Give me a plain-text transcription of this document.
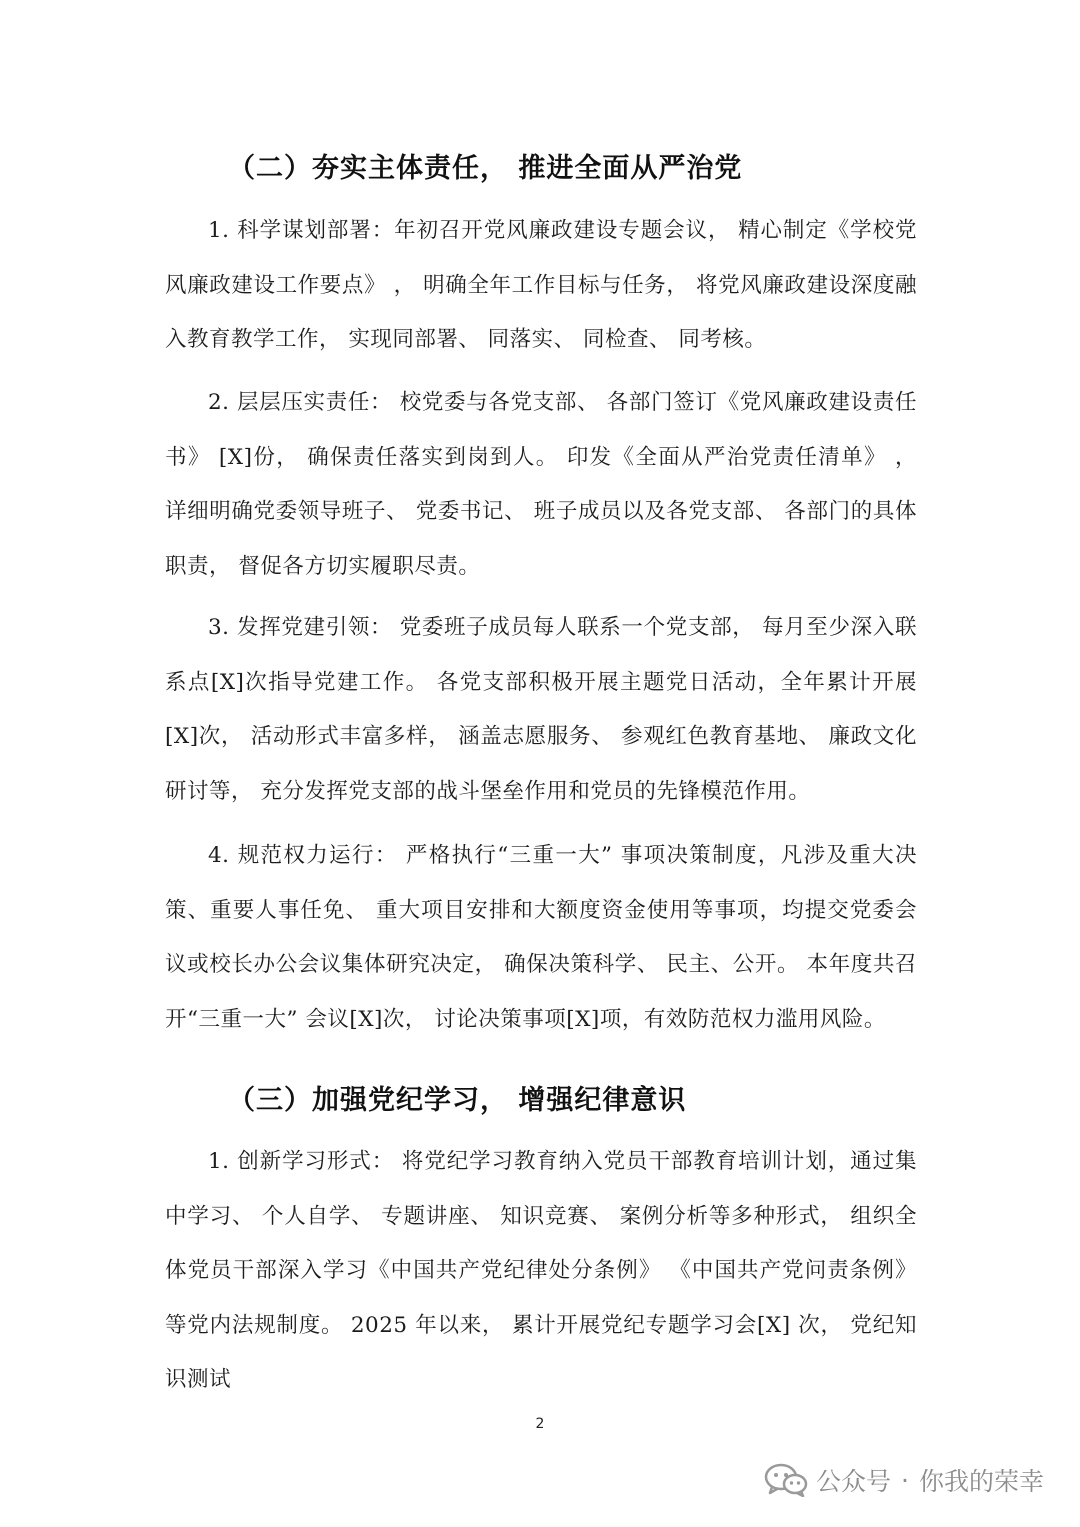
（二）夯实主体责任， 推进全面从严治党

1. 科学谋划部署：年初召开党风廉政建设专题会议， 精心制定《学校党风廉政建设工作要点》 ， 明确全年工作目标与任务， 将党风廉政建设深度融入教育教学工作， 实现同部署、 同落实、 同检查、 同考核。

2. 层层压实责任： 校党委与各党支部、 各部门签订《党风廉政建设责任书》 [X]份， 确保责任落实到岗到人。 印发《全面从严治党责任清单》 ， 详细明确党委领导班子、 党委书记、 班子成员以及各党支部、 各部门的具体职责， 督促各方切实履职尽责。

3. 发挥党建引领： 党委班子成员每人联系一个党支部， 每月至少深入联系点[X]次指导党建工作。 各党支部积极开展主题党日活动，全年累计开展[X]次， 活动形式丰富多样， 涵盖志愿服务、 参观红色教育基地、 廉政文化研讨等， 充分发挥党支部的战斗堡垒作用和党员的先锋模范作用。

4. 规范权力运行： 严格执行“三重一大” 事项决策制度，凡涉及重大决策、重要人事任免、 重大项目安排和大额度资金使用等事项，均提交党委会议或校长办公会议集体研究决定， 确保决策科学、 民主、公开。 本年度共召开“三重一大” 会议[X]次， 讨论决策事项[X]项，有效防范权力滥用风险。

（三）加强党纪学习， 增强纪律意识

1. 创新学习形式： 将党纪学习教育纳入党员干部教育培训计划，通过集中学习、 个人自学、 专题讲座、 知识竞赛、 案例分析等多种形式， 组织全体党员干部深入学习《中国共产党纪律处分条例》 《中国共产党问责条例》 等党内法规制度。 2025 年以来， 累计开展党纪专题学习会[X] 次， 党纪知识测试

2
公众号 · 你我的荣幸
